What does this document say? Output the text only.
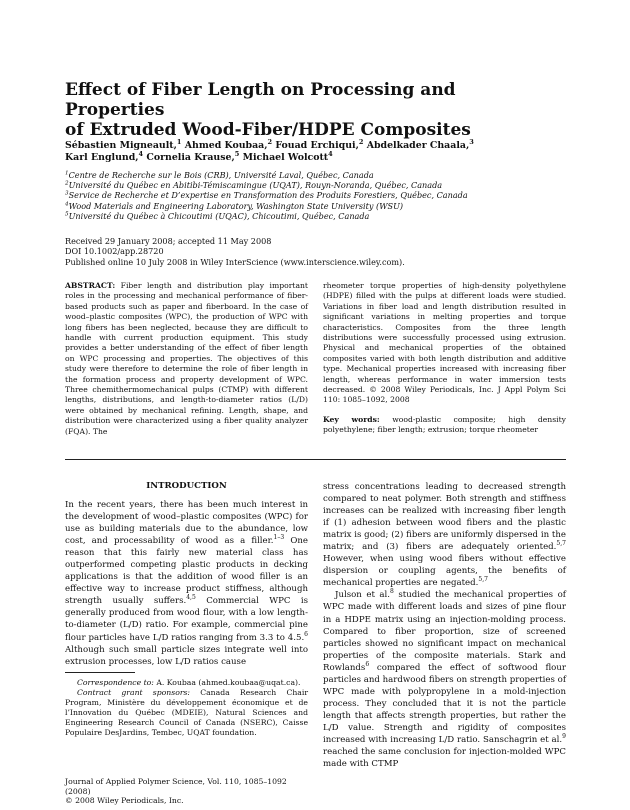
Effect of Fiber Length on Processing and Properties
of Extruded Wood-Fiber/HDPE Composites
Sébastien Migneault,$^1$ Ahmed Koubaa,$^2$ Fouad Erchiqui,$^2$ Abdelkader Chaala,$^3$
Karl Englund,$^4$ Cornelia Krause,$^5$ Michael Wolcott$^4$
$^1$Centre de Recherche sur le Bois (CRB), Université Laval, Québec, Canada
$^2$Université du Québec en Abitibi-Témiscamingue (UQAT), Rouyn-Noranda, Québec, Canada
$^3$Service de Recherche et D’expertise en Transformation des Produits Forestiers, Québec, Canada
$^4$Wood Materials and Engineering Laboratory, Washington State University (WSU)
$^5$Université du Québec à Chicoutimi (UQAC), Chicoutimi, Québec, Canada
Received 29 January 2008; accepted 11 May 2008
DOI 10.1002/app.28720
Published online 10 July 2008 in Wiley InterScience (www.interscience.wiley.com).
ABSTRACT: Fiber length and distribution play important roles in the processing and mechanical performance of fiber-based products such as paper and fiberboard. In the case of wood–plastic composites (WPC), the production of WPC with long fibers has been neglected, because they are difficult to handle with current production equipment. This study provides a better understanding of the effect of fiber length on WPC processing and properties. The objectives of this study were therefore to determine the role of fiber length in the formation process and property development of WPC. Three chemithermomechanical pulps (CTMP) with different lengths, distributions, and length-to-diameter ratios (L/D) were obtained by mechanical refining. Length, shape, and distribution were characterized using a fiber quality analyzer (FQA). The

rheometer torque properties of high-density polyethylene (HDPE) filled with the pulps at different loads were studied. Variations in fiber load and length distribution resulted in significant variations in melting properties and torque characteristics. Composites from the three length distributions were successfully processed using extrusion. Physical and mechanical properties of the obtained composites varied with both length distribution and additive type. Mechanical properties increased with increasing fiber length, whereas performance in water immersion tests decreased. © 2008 Wiley Periodicals, Inc. J Appl Polym Sci 110: 1085–1092, 2008

Key words: wood-plastic composite; high density polyethylene; fiber length; extrusion; torque rheometer

INTRODUCTION

In the recent years, there has been much interest in the development of wood–plastic composites (WPC) for use as building materials due to the abundance, low cost, and processability of wood as a filler.$^{1-3}$ One reason that this fairly new material class has outperformed competing plastic products in decking applications is that the addition of wood filler is an effective way to increase product stiffness, although strength usually suffers.$^{4,5}$ Commercial WPC is generally produced from wood flour, with a low length-to-diameter (L/D) ratio. For example, commercial pine flour particles have L/D ratios ranging from 3.3 to 4.5.$^6$ Although such small particle sizes integrate well into extrusion processes, low L/D ratios cause

Correspondence to: A. Koubaa (ahmed.koubaa@uqat.ca).

Contract grant sponsors: Canada Research Chair Program, Ministère du développement économique et de l’Innovation du Québec (MDEIE), Natural Sciences and Engineering Research Council of Canada (NSERC), Caisse Populaire DesJardins, Tembec, UQAT foundation.

Journal of Applied Polymer Science, Vol. 110, 1085–1092 (2008)
© 2008 Wiley Periodicals, Inc.

stress concentrations leading to decreased strength compared to neat polymer. Both strength and stiffness increases can be realized with increasing fiber length if (1) adhesion between wood fibers and the plastic matrix is good; (2) fibers are uniformly dispersed in the matrix; and (3) fibers are adequately oriented.$^{5,7}$ However, when using wood fibers without effective dispersion or coupling agents, the benefits of mechanical properties are negated.$^{5,7}$

Julson et al.$^8$ studied the mechanical properties of WPC made with different loads and sizes of pine flour in a HDPE matrix using an injection-molding process. Compared to fiber proportion, size of screened particles showed no significant impact on mechanical properties of the composite materials. Stark and Rowlands$^6$ compared the effect of softwood flour particles and hardwood fibers on strength properties of WPC made with polypropylene in a mold-injection process. They concluded that it is not the particle length that affects strength properties, but rather the L/D value. Strength and rigidity of composites increased with increasing L/D ratio. Sanschagrin et al.$^9$ reached the same conclusion for injection-molded WPC made with CTMP
